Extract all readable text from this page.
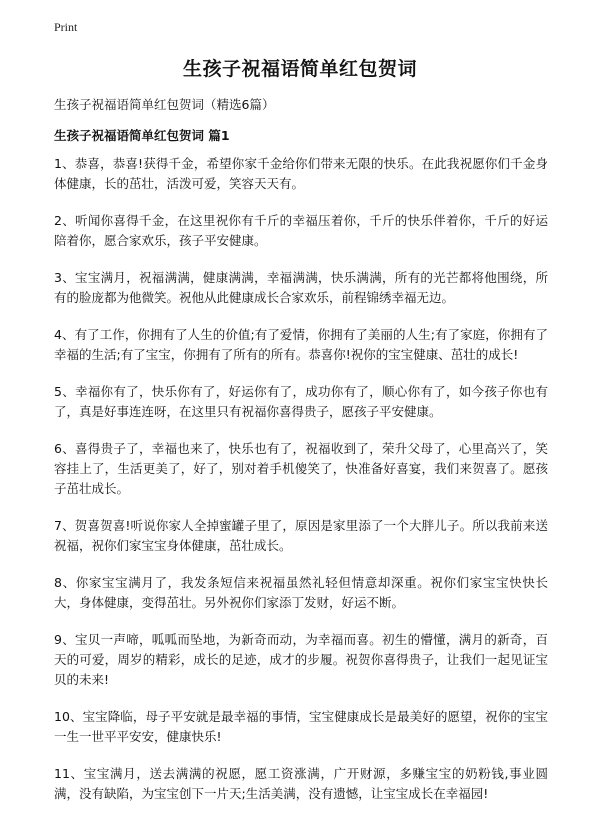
Print
生孩子祝福语简单红包贺词

生孩子祝福语简单红包贺词（精选6篇）

生孩子祝福语简单红包贺词 篇1
1、恭喜，恭喜!获得千金，希望你家千金给你们带来无限的快乐。在此我祝愿你们千金身体健康，长的茁壮，活泼可爱，笑容天天有。
2、听闻你喜得千金，在这里祝你有千斤的幸福压着你，千斤的快乐伴着你，千斤的好运陪着你，愿合家欢乐，孩子平安健康。
3、宝宝满月，祝福满满，健康满满，幸福满满，快乐满满，所有的光芒都将他围绕，所有的脸庞都为他微笑。祝他从此健康成长合家欢乐，前程锦绣幸福无边。
4、有了工作，你拥有了人生的价值;有了爱情，你拥有了美丽的人生;有了家庭，你拥有了幸福的生活;有了宝宝，你拥有了所有的所有。恭喜你!祝你的宝宝健康、茁壮的成长!
5、幸福你有了，快乐你有了，好运你有了，成功你有了，顺心你有了，如今孩子你也有了，真是好事连连呀，在这里只有祝福你喜得贵子，愿孩子平安健康。
6、喜得贵子了，幸福也来了，快乐也有了，祝福收到了，荣升父母了，心里高兴了，笑容挂上了，生活更美了，好了，别对着手机傻笑了，快准备好喜宴，我们来贺喜了。愿孩子茁壮成长。
7、贺喜贺喜!听说你家人全掉蜜罐子里了，原因是家里添了一个大胖儿子。所以我前来送祝福，祝你们家宝宝身体健康，茁壮成长。
8、你家宝宝满月了，我发条短信来祝福虽然礼轻但情意却深重。祝你们家宝宝快快长大，身体健康，变得茁壮。另外祝你们家添丁发财，好运不断。
9、宝贝一声啼，呱呱而坠地，为新奇而动，为幸福而喜。初生的懵懂，满月的新奇，百天的可爱，周岁的精彩，成长的足迹，成才的步履。祝贺你喜得贵子，让我们一起见证宝贝的未来!
10、宝宝降临，母子平安就是最幸福的事情，宝宝健康成长是最美好的愿望，祝你的宝宝一生一世平平安安，健康快乐!
11、宝宝满月，送去满满的祝愿，愿工资涨满，广开财源，多赚宝宝的奶粉钱,事业圆满，没有缺陷，为宝宝创下一片天;生活美满，没有遗憾，让宝宝成长在幸福园!
